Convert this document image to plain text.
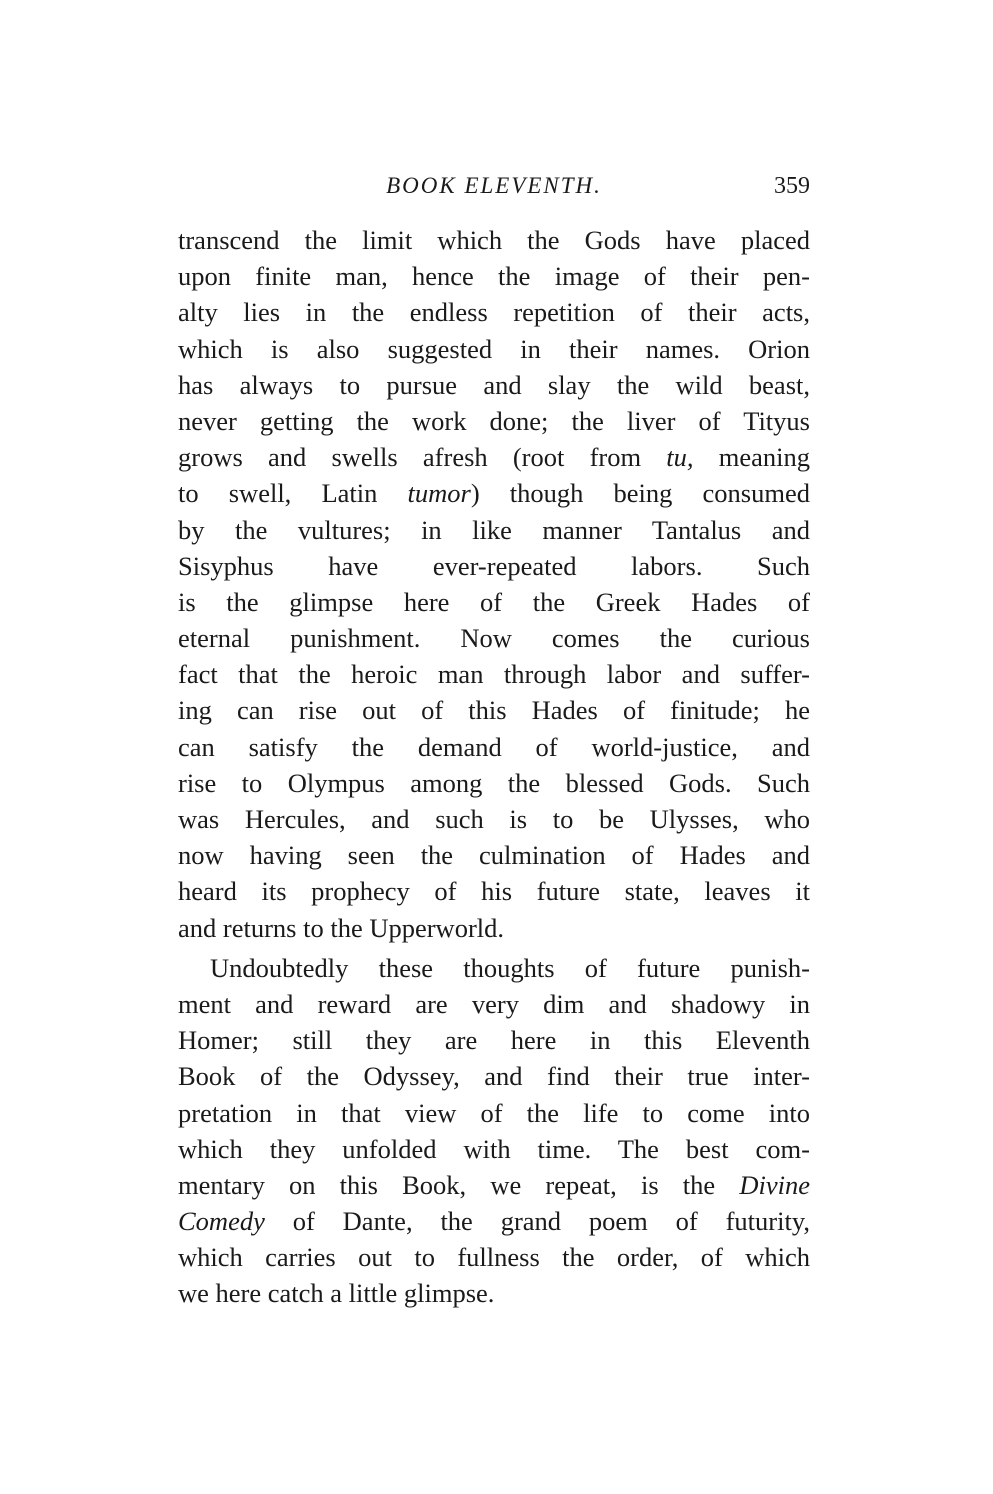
BOOK ELEVENTH.	359
transcend the limit which the Gods have placed
upon finite man, hence the image of their pen-
alty lies in the endless repetition of their acts,
which is also suggested in their names. Orion
has always to pursue and slay the wild beast,
never getting the work done; the liver of Tityus
grows and swells afresh (root from tu, meaning
to swell, Latin tumor) though being consumed
by the vultures; in like manner Tantalus and
Sisyphus have ever-repeated labors. Such
is the glimpse here of the Greek Hades of
eternal punishment. Now comes the curious
fact that the heroic man through labor and suffer-
ing can rise out of this Hades of finitude; he
can satisfy the demand of world-justice, and
rise to Olympus among the blessed Gods. Such
was Hercules, and such is to be Ulysses, who
now having seen the culmination of Hades and
heard its prophecy of his future state, leaves it
and returns to the Upperworld.
Undoubtedly these thoughts of future punish-
ment and reward are very dim and shadowy in
Homer; still they are here in this Eleventh
Book of the Odyssey, and find their true inter-
pretation in that view of the life to come into
which they unfolded with time. The best com-
mentary on this Book, we repeat, is the Divine
Comedy of Dante, the grand poem of futurity,
which carries out to fullness the order, of which
we here catch a little glimpse.
